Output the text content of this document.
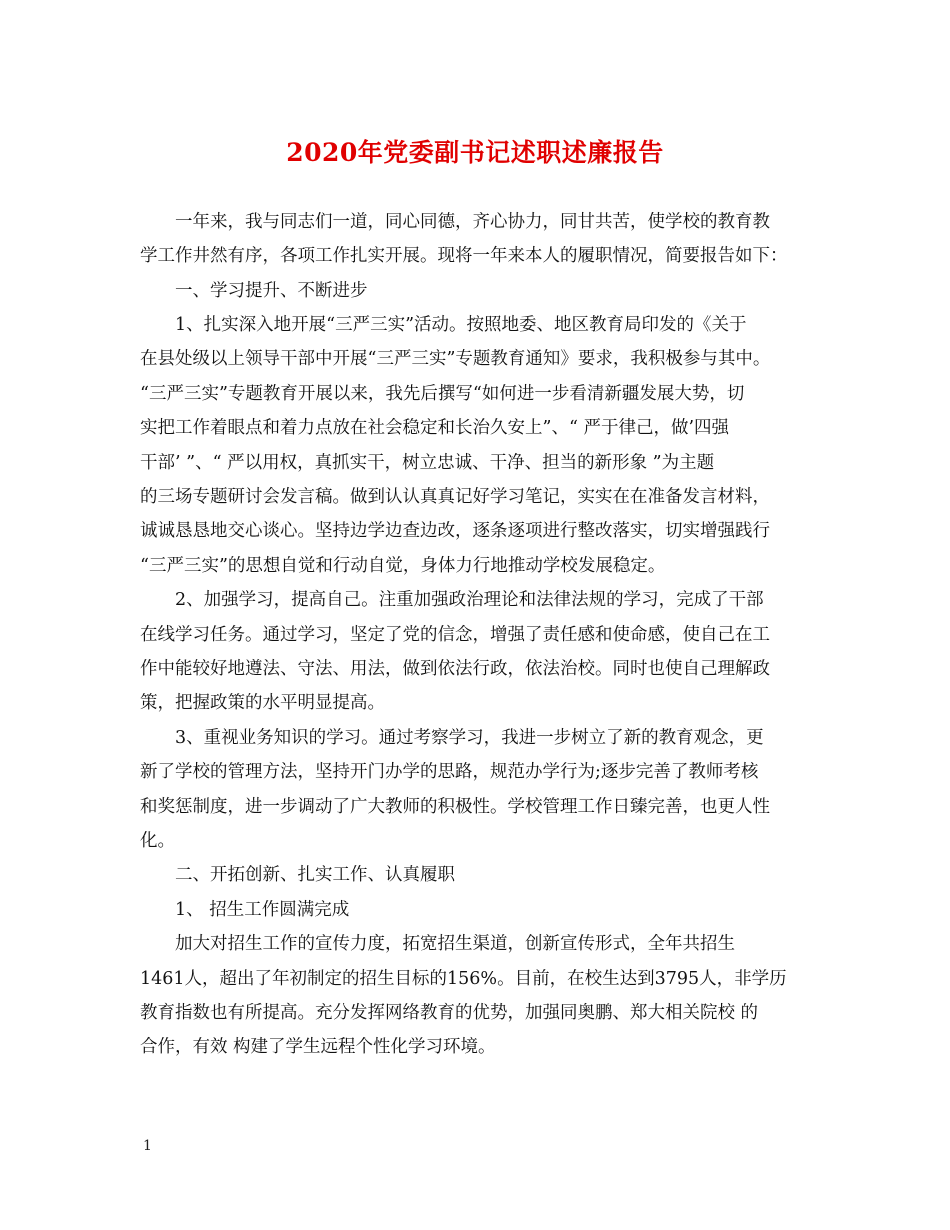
2020年党委副书记述职述廉报告
一年来，我与同志们一道，同心同德，齐心协力，同甘共苦，使学校的教育教
学工作井然有序，各项工作扎实开展。现将一年来本人的履职情况，简要报告如下：
一、学习提升、不断进步
1、扎实深入地开展“三严三实”活动。按照地委、地区教育局印发的《关于
在县处级以上领导干部中开展“三严三实”专题教育通知》要求，我积极参与其中。
“三严三实”专题教育开展以来，我先后撰写“如何进一步看清新疆发展大势，切
实把工作着眼点和着力点放在社会稳定和长治久安上”、“ 严于律己，做’四强
干部’ ”、“ 严以用权，真抓实干，树立忠诚、干净、担当的新形象 ”为主题
的三场专题研讨会发言稿。做到认认真真记好学习笔记，实实在在准备发言材料，
诚诚恳恳地交心谈心。坚持边学边查边改，逐条逐项进行整改落实，切实增强践行
“三严三实”的思想自觉和行动自觉，身体力行地推动学校发展稳定。
2、加强学习，提高自己。注重加强政治理论和法律法规的学习，完成了干部
在线学习任务。通过学习，坚定了党的信念，增强了责任感和使命感，使自己在工
作中能较好地遵法、守法、用法，做到依法行政，依法治校。同时也使自己理解政
策，把握政策的水平明显提高。
3、重视业务知识的学习。通过考察学习，我进一步树立了新的教育观念，更
新了学校的管理方法，坚持开门办学的思路，规范办学行为;逐步完善了教师考核
和奖惩制度，进一步调动了广大教师的积极性。学校管理工作日臻完善，也更人性
化。
二、开拓创新、扎实工作、认真履职
1、 招生工作圆满完成
加大对招生工作的宣传力度，拓宽招生渠道，创新宣传形式，全年共招生
1461人，超出了年初制定的招生目标的156%。目前，在校生达到3795人，非学历
教育指数也有所提高。充分发挥网络教育的优势，加强同奥鹏、郑大相关院校 的
合作，有效 构建了学生远程个性化学习环境。
1
